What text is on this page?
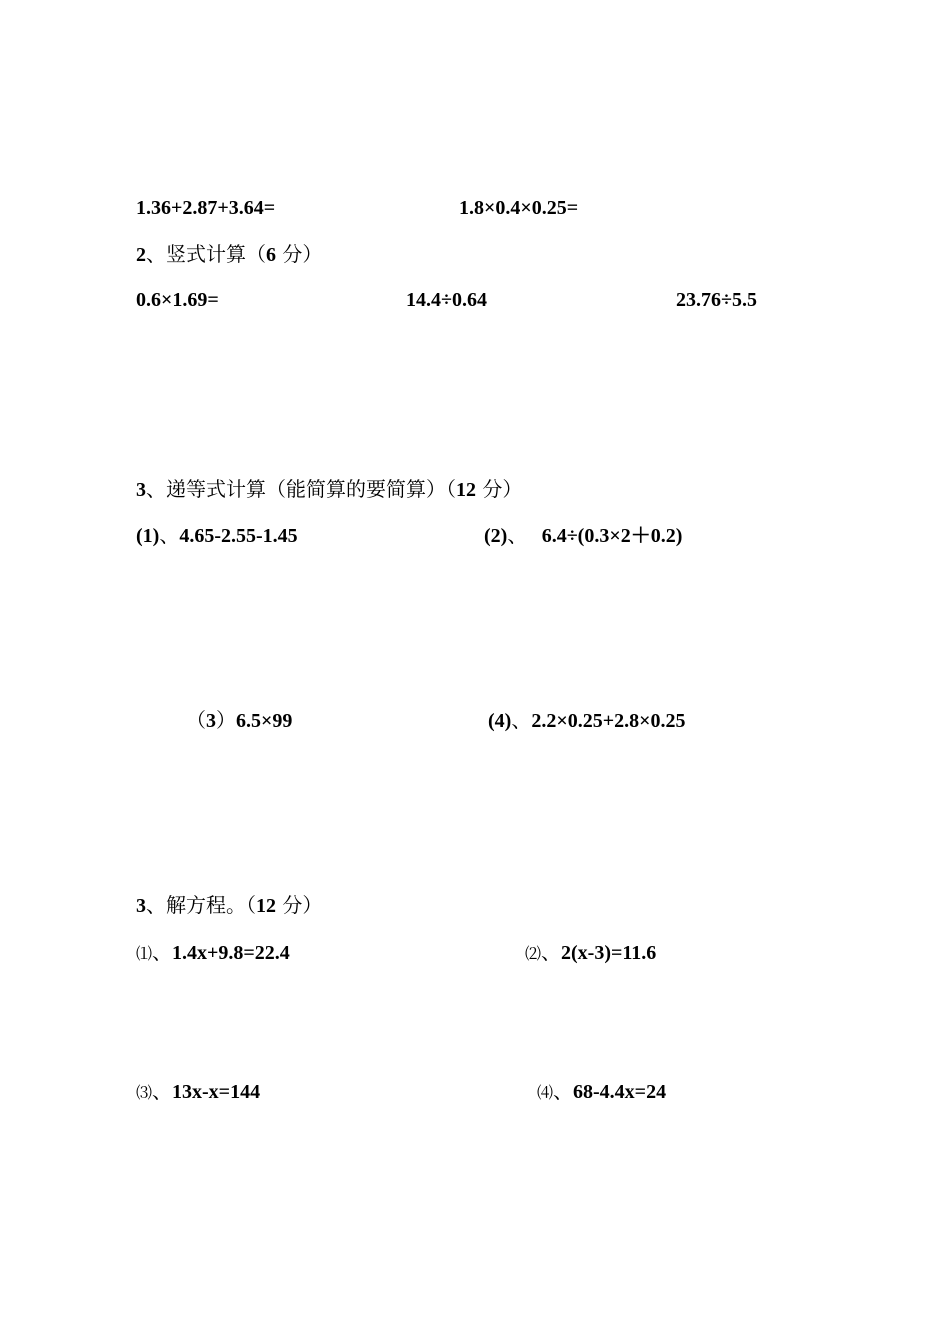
1.36+2.87+3.64=	1.8×0.4×0.25=
2、竖式计算（6 分）
0.6×1.69=	14.4÷0.64	23.76÷5.5
3、递等式计算（能简算的要简算）（12 分）
(1)、4.65-2.55-1.45	(2)、 6.4÷(0.3×2＋0.2)
（3）6.5×99	(4)、2.2×0.25+2.8×0.25
3、解方程。（12 分）
⑴、1.4x+9.8=22.4	⑵、2(x-3)=11.6
⑶、13x-x=144	⑷、68-4.4x=24
